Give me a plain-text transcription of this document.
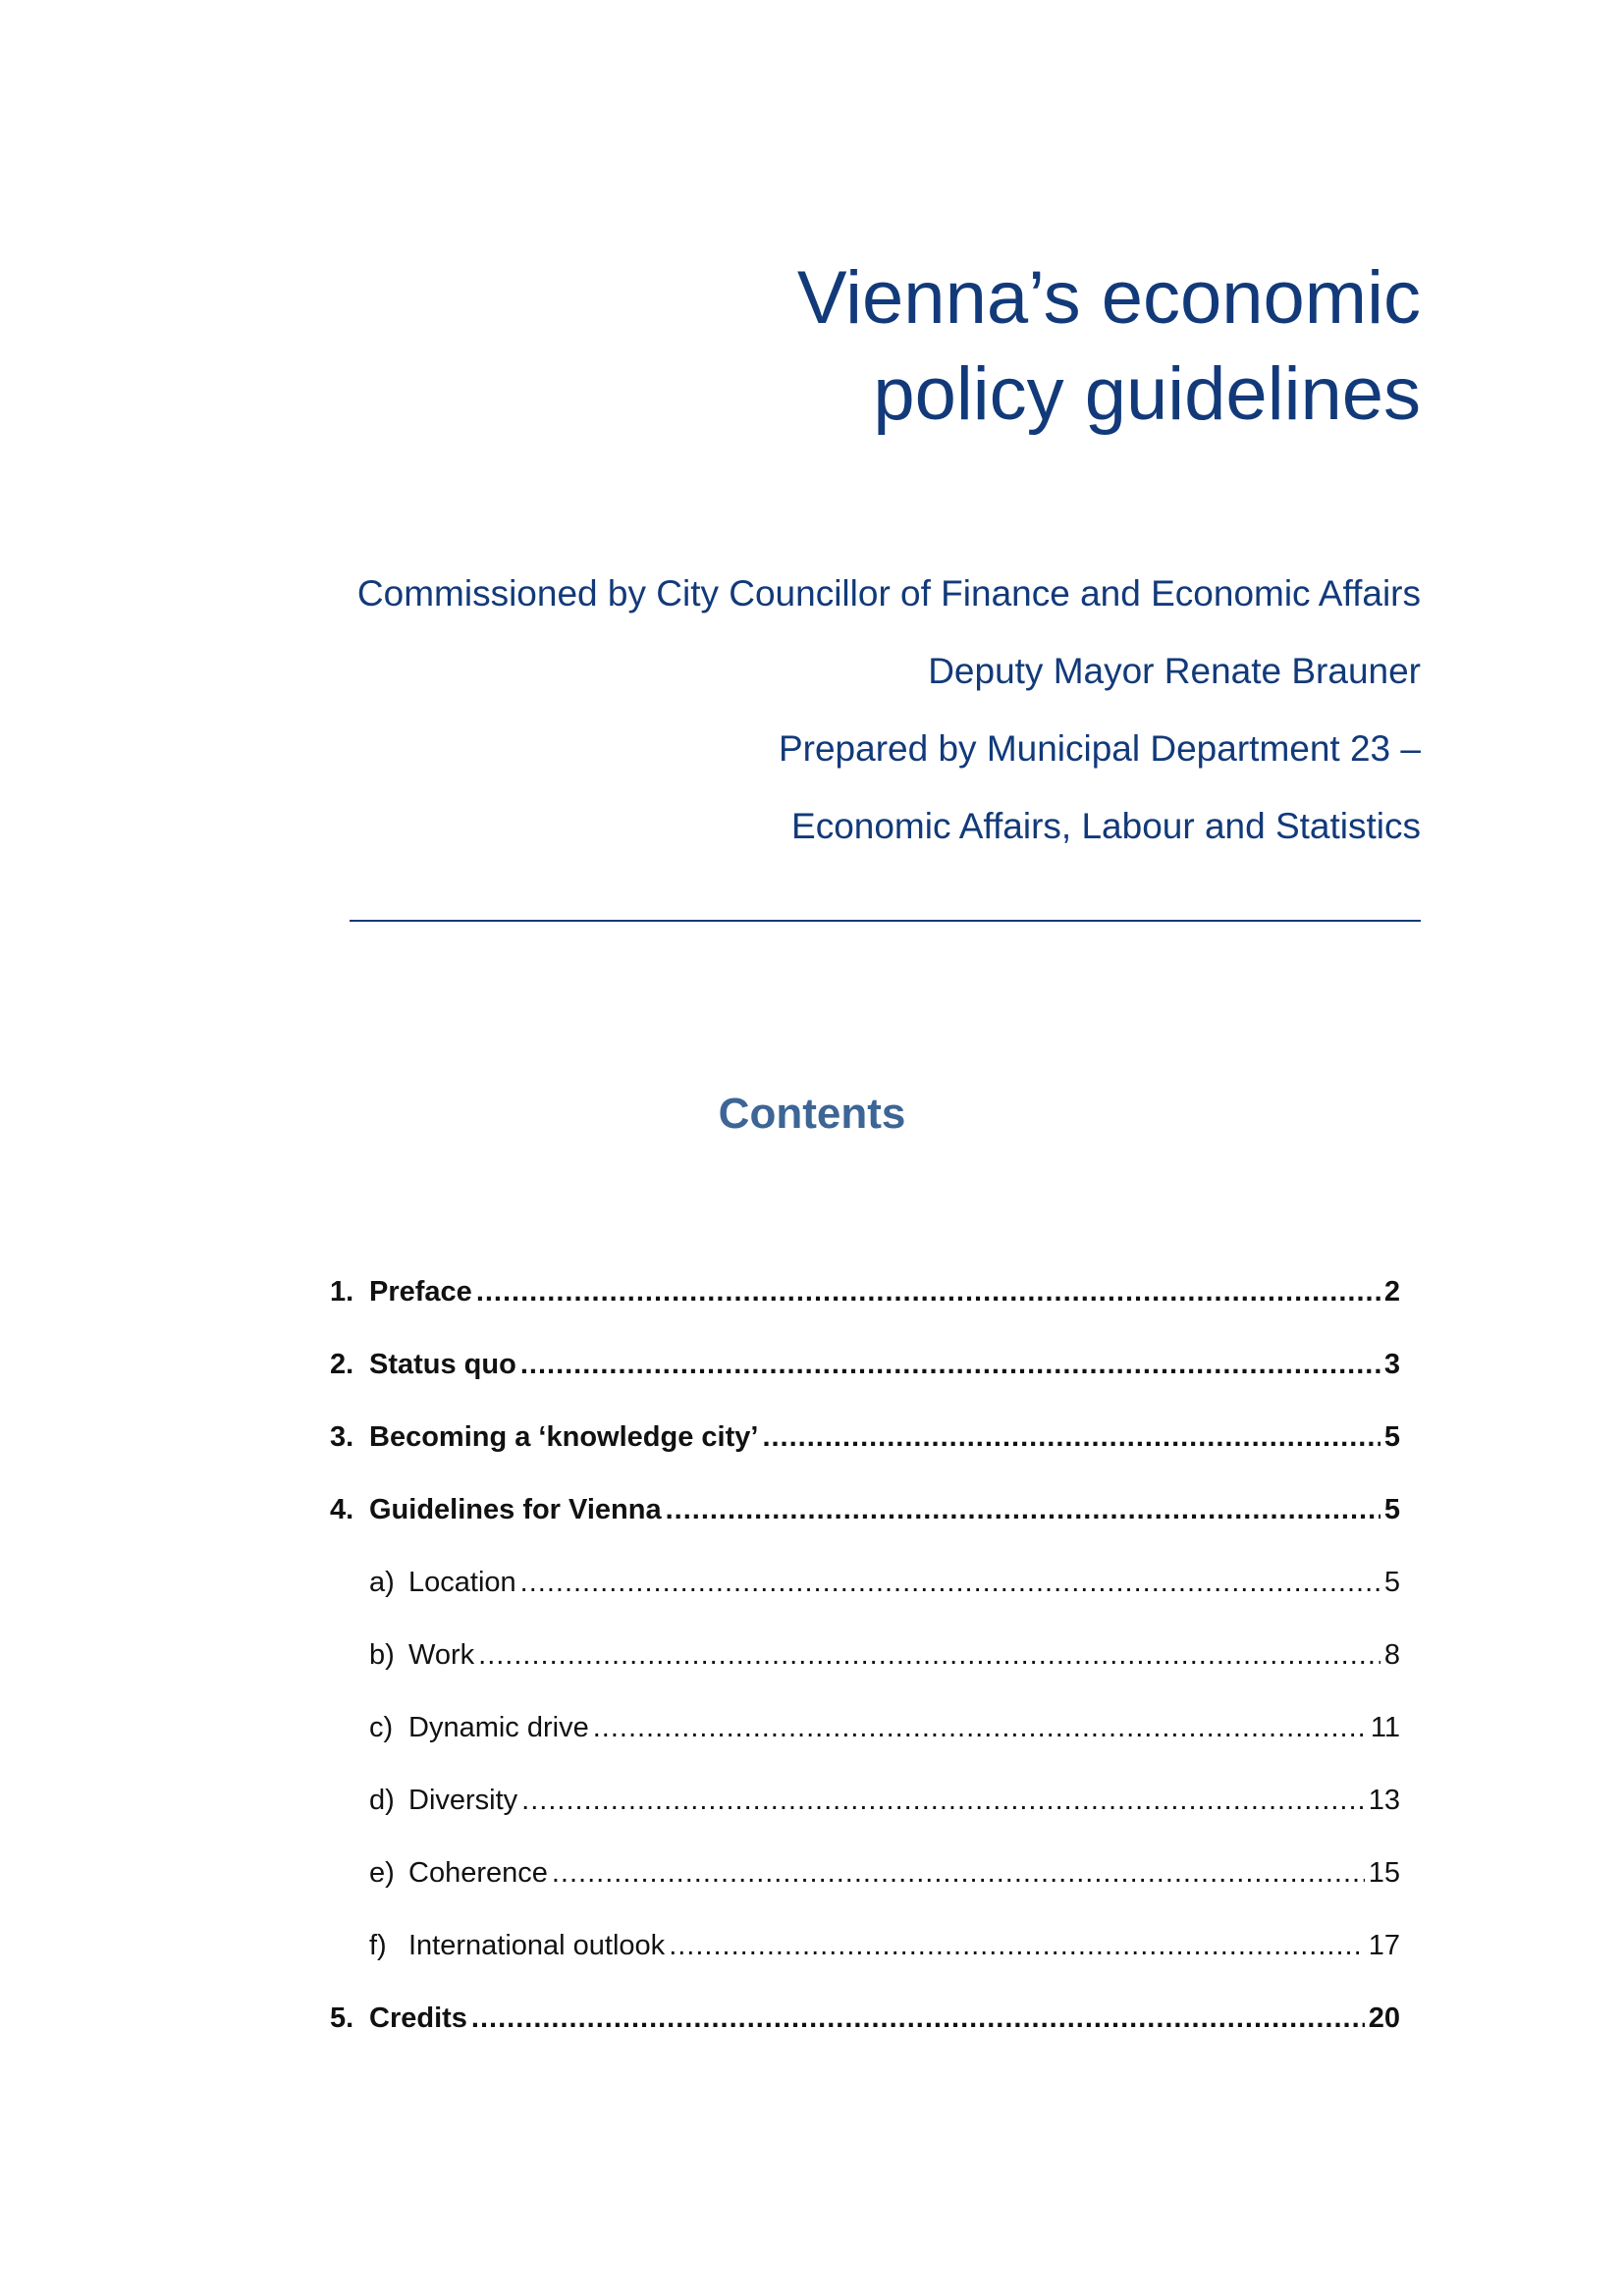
Vienna’s economic
policy guidelines
Commissioned by City Councillor of Finance and Economic Affairs
Deputy Mayor Renate Brauner
Prepared by Municipal Department 23 –
Economic Affairs, Labour and Statistics
Contents
1. Preface .....	2
2. Status quo .....	3
3. Becoming a ‘knowledge city’ .....	5
4. Guidelines for Vienna .....	5
a) Location .....	5
b) Work .....	8
c) Dynamic drive .....	11
d) Diversity .....	13
e) Coherence .....	15
f) International outlook .....	17
5. Credits .....	20
